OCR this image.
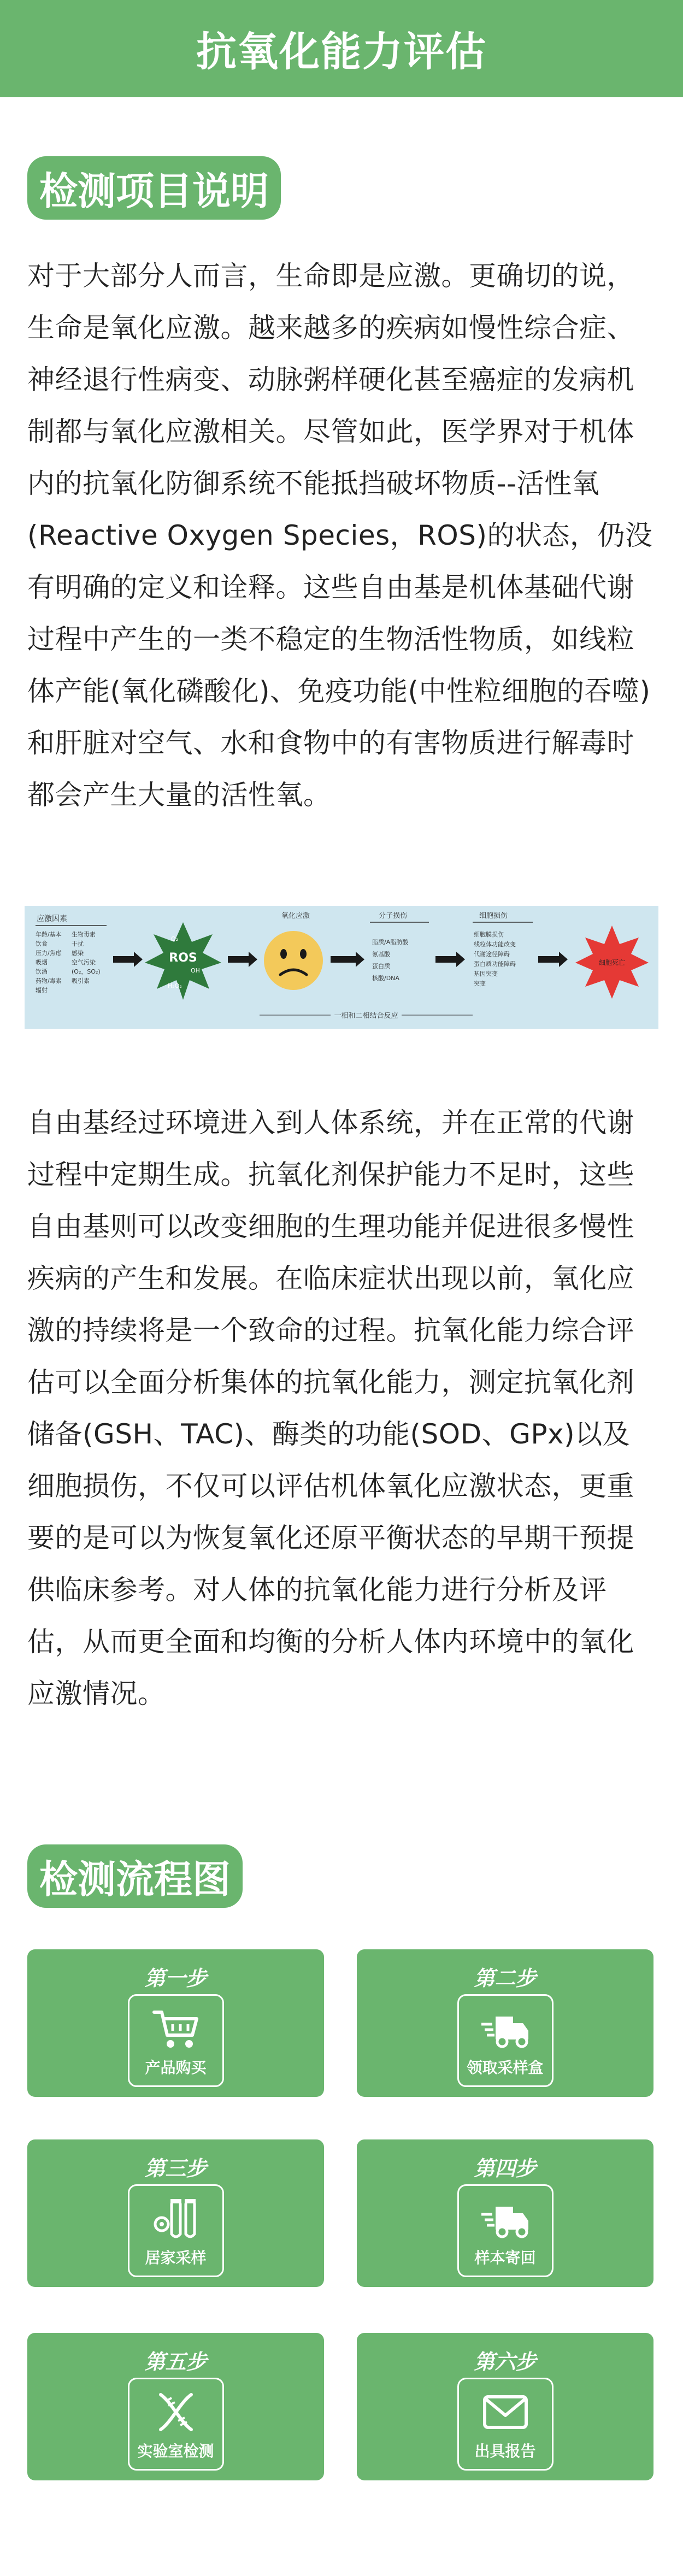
抗氧化能力评估
检测项目说明

对于大部分人而言，生命即是应激。更确切的说，生命是氧化应激。越来越多的疾病如慢性综合症、神经退行性病变、动脉粥样硬化甚至癌症的发病机制都与氧化应激相关。尽管如此，医学界对于机体内的抗氧化防御系统不能抵挡破坏物质--活性氧(Reactive Oxygen Species，ROS)的状态，仍没有明确的定义和诠释。这些自由基是机体基础代谢过程中产生的一类不稳定的生物活性物质，如线粒体产能(氧化磷酸化)、免疫功能(中性粒细胞的吞噬)和肝脏对空气、水和食物中的有害物质进行解毒时都会产生大量的活性氧。

应激因素
年龄/基本
饮食
压力/焦虑
吸烟
饮酒
药物/毒素
辐射
生物毒素
干扰
感染
空气污染
(O₂，SO₂)
吸引素
ROS
O₂
OH
H₂O₂
氧化应激	分子损伤
脂质/A脂肪酸
氨基酸
蛋白质
核酸/DNA
细胞损伤
细胞膜损伤
线粒体功能改变
代谢途径障碍
蛋白质功能障碍
基因突变
突变
细胞死亡
一相和二相结合反应

自由基经过环境进入到人体系统，并在正常的代谢过程中定期生成。抗氧化剂保护能力不足时，这些自由基则可以改变细胞的生理功能并促进很多慢性疾病的产生和发展。在临床症状出现以前，氧化应激的持续将是一个致命的过程。抗氧化能力综合评估可以全面分析集体的抗氧化能力，测定抗氧化剂储备(GSH、TAC)、酶类的功能(SOD、GPx)以及细胞损伤，不仅可以评估机体氧化应激状态，更重要的是可以为恢复氧化还原平衡状态的早期干预提供临床参考。对人体的抗氧化能力进行分析及评估，从而更全面和均衡的分析人体内环境中的氧化应激情况。

检测流程图
第一步
产品购买
第二步
领取采样盒
第三步
居家采样
第四步
样本寄回
第五步
实验室检测
第六步
出具报告
